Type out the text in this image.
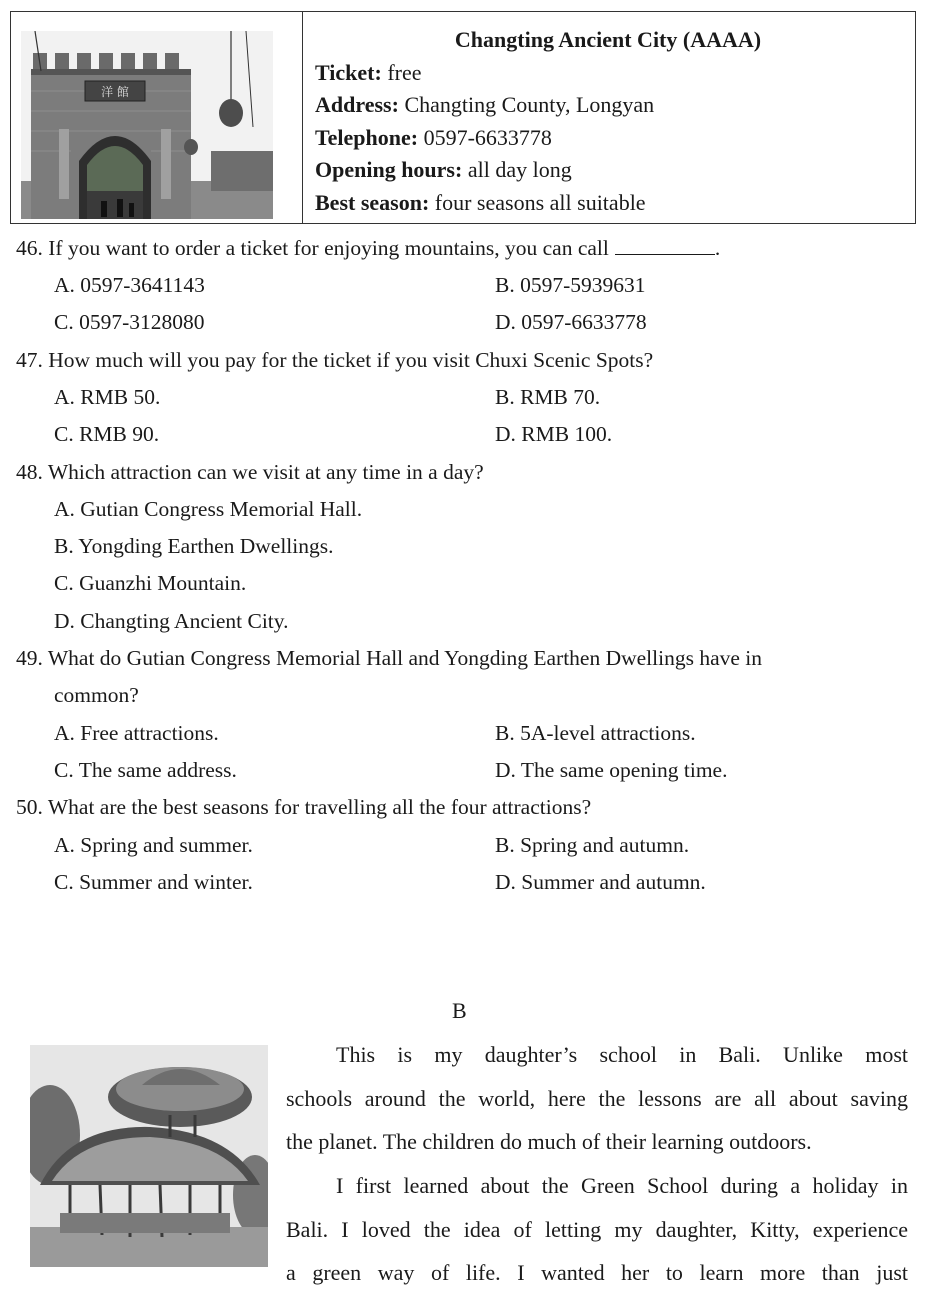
洋 館
Changting Ancient City (AAAA)
Ticket: free
Address: Changting County, Longyan
Telephone: 0597-6633778
Opening hours: all day long
Best season: four seasons all suitable
46. If you want to order a ticket for enjoying mountains, you can call	.
A. 0597-3641143	B. 0597-5939631
C. 0597-3128080	D. 0597-6633778
47. How much will you pay for the ticket if you visit Chuxi Scenic Spots?
A. RMB 50.	B. RMB 70.
C. RMB 90.	D. RMB 100.
48. Which attraction can we visit at any time in a day?
A. Gutian Congress Memorial Hall.
B. Yongding Earthen Dwellings.
C. Guanzhi Mountain.
D. Changting Ancient City.
49. What do Gutian Congress Memorial Hall and Yongding Earthen Dwellings have in
common?
A. Free attractions.	B. 5A-level attractions.
C. The same address.	D. The same opening time.
50. What are the best seasons for travelling all the four attractions?
A. Spring and summer.	B. Spring and autumn.
C. Summer and winter.	D. Summer and autumn.
B
This is my daughter’s school in Bali. Unlike most
schools around the world, here the lessons are all about saving
the planet. The children do much of their learning outdoors.
I first learned about the Green School during a holiday in
Bali. I loved the idea of letting my daughter, Kitty, experience
a green way of life. I wanted her to learn more than just
